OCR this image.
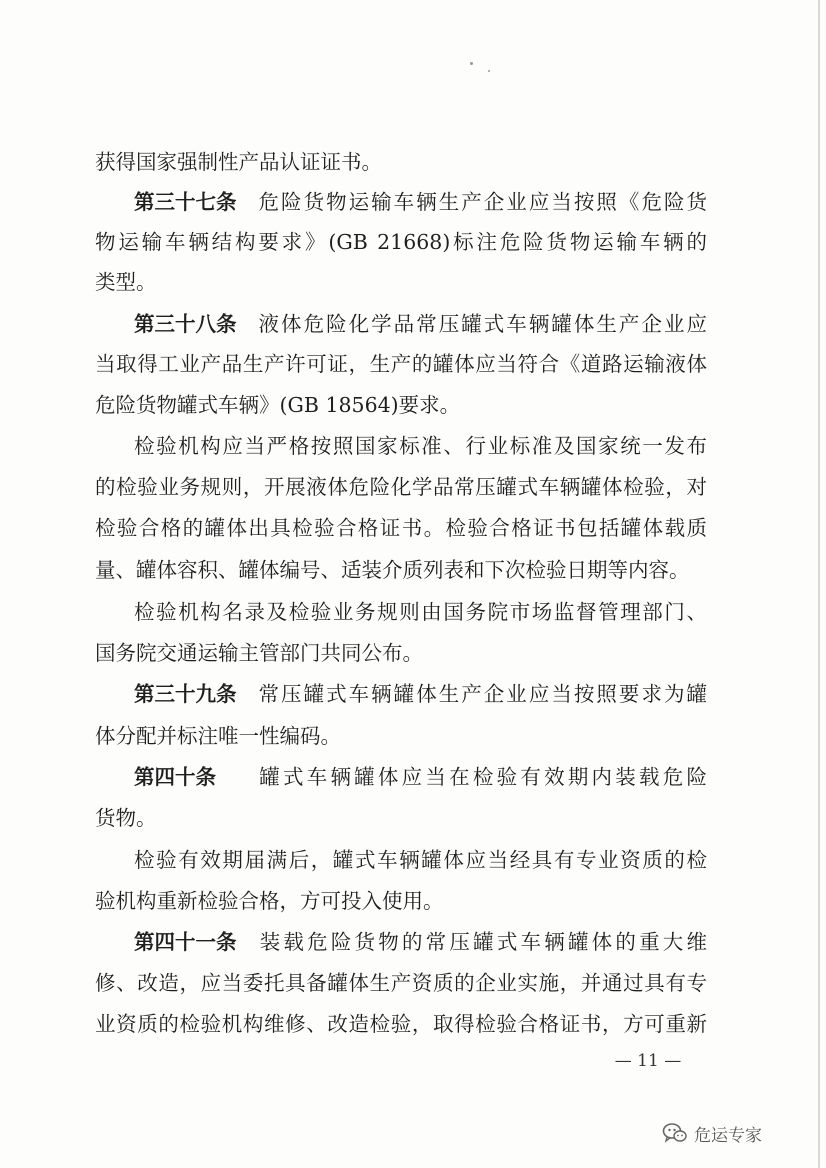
获得国家强制性产品认证证书。
第三十七条 危险货物运输车辆生产企业应当按照《危险货
物运输车辆结构要求》(GB 21668)标注危险货物运输车辆的
类型。
第三十八条 液体危险化学品常压罐式车辆罐体生产企业应
当取得工业产品生产许可证，生产的罐体应当符合《道路运输液体
危险货物罐式车辆》(GB 18564)要求。
检验机构应当严格按照国家标准、行业标准及国家统一发布
的检验业务规则，开展液体危险化学品常压罐式车辆罐体检验，对
检验合格的罐体出具检验合格证书。检验合格证书包括罐体载质
量、罐体容积、罐体编号、适装介质列表和下次检验日期等内容。
检验机构名录及检验业务规则由国务院市场监督管理部门、
国务院交通运输主管部门共同公布。
第三十九条 常压罐式车辆罐体生产企业应当按照要求为罐
体分配并标注唯一性编码。
第四十条 罐式车辆罐体应当在检验有效期内装载危险
货物。
检验有效期届满后，罐式车辆罐体应当经具有专业资质的检
验机构重新检验合格，方可投入使用。
第四十一条 装载危险货物的常压罐式车辆罐体的重大维
修、改造，应当委托具备罐体生产资质的企业实施，并通过具有专
业资质的检验机构维修、改造检验，取得检验合格证书，方可重新
— 11 —
危运专家
